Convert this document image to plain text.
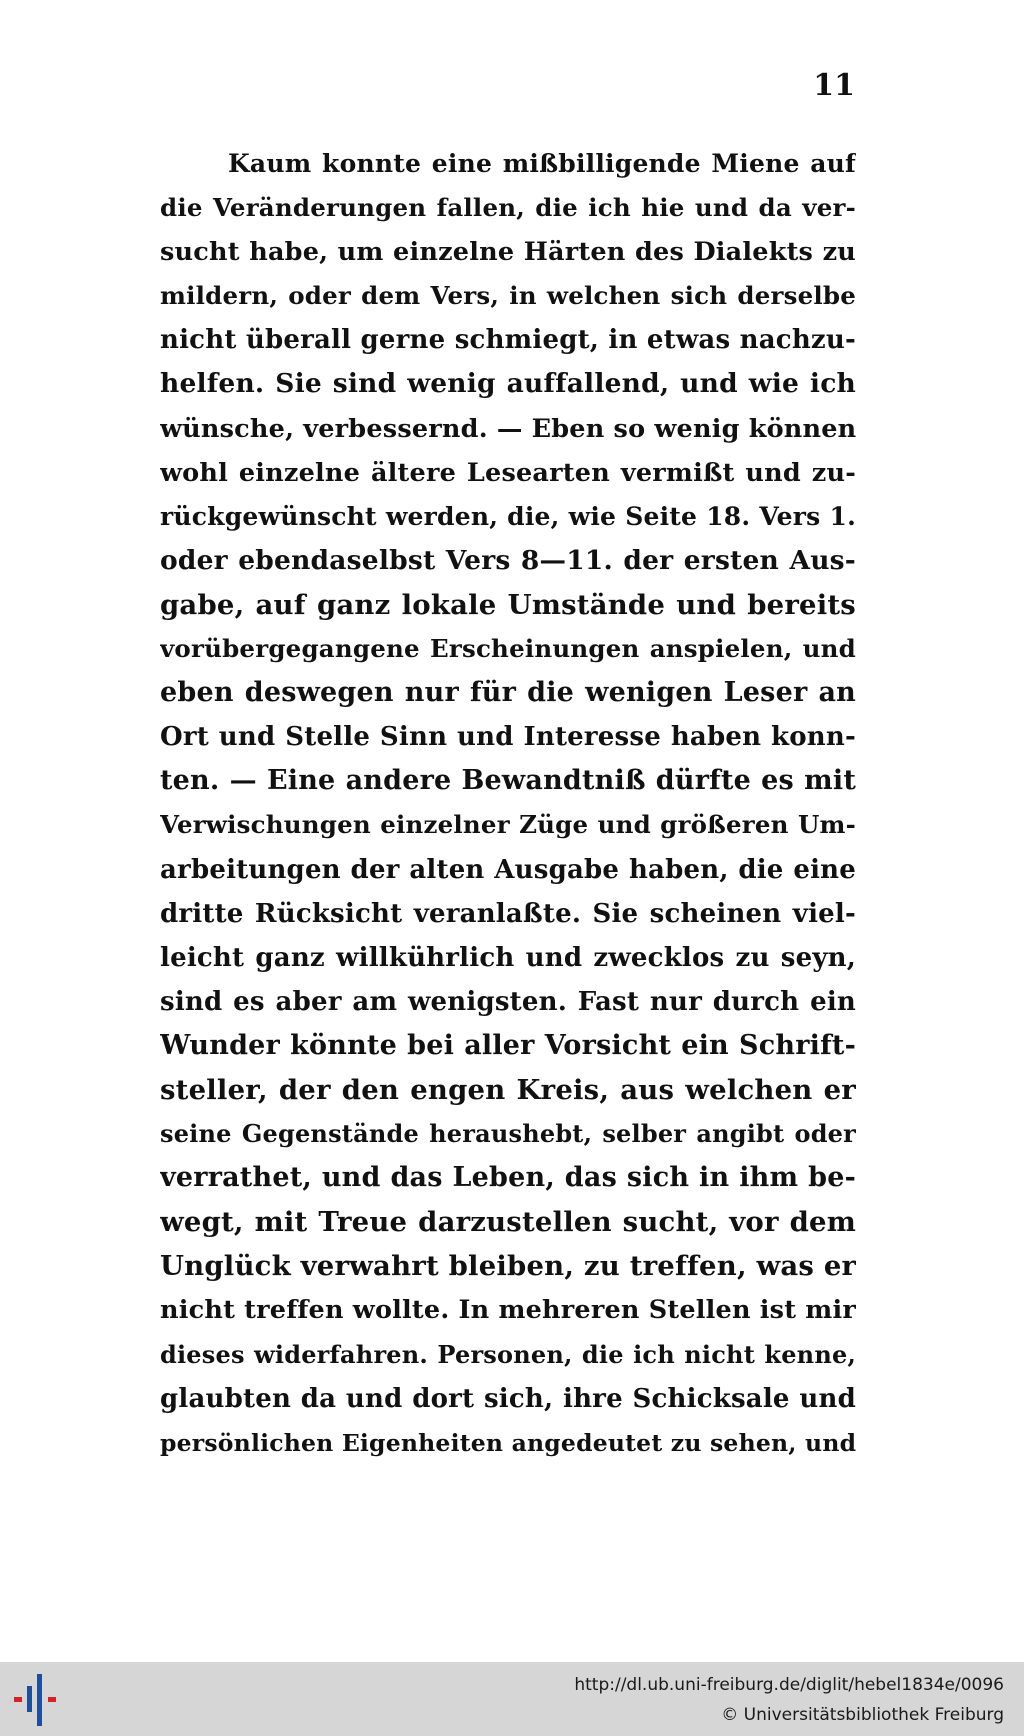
11
Kaum konnte eine mißbilligende Miene auf
die Veränderungen fallen, die ich hie und da ver-
sucht habe, um einzelne Härten des Dialekts zu
mildern, oder dem Vers, in welchen sich derselbe
nicht überall gerne schmiegt, in etwas nachzu-
helfen. Sie sind wenig auffallend, und wie ich
wünsche, verbessernd. — Eben so wenig können
wohl einzelne ältere Lesearten vermißt und zu-
rückgewünscht werden, die, wie Seite 18. Vers 1.
oder ebendaselbst Vers 8—11. der ersten Aus-
gabe, auf ganz lokale Umstände und bereits
vorübergegangene Erscheinungen anspielen, und
eben deswegen nur für die wenigen Leser an
Ort und Stelle Sinn und Interesse haben konn-
ten. — Eine andere Bewandtniß dürfte es mit
Verwischungen einzelner Züge und größeren Um-
arbeitungen der alten Ausgabe haben, die eine
dritte Rücksicht veranlaßte. Sie scheinen viel-
leicht ganz willkührlich und zwecklos zu seyn,
sind es aber am wenigsten. Fast nur durch ein
Wunder könnte bei aller Vorsicht ein Schrift-
steller, der den engen Kreis, aus welchen er
seine Gegenstände heraushebt, selber angibt oder
verrathet, und das Leben, das sich in ihm be-
wegt, mit Treue darzustellen sucht, vor dem
Unglück verwahrt bleiben, zu treffen, was er
nicht treffen wollte. In mehreren Stellen ist mir
dieses widerfahren. Personen, die ich nicht kenne,
glaubten da und dort sich, ihre Schicksale und
persönlichen Eigenheiten angedeutet zu sehen, und
http://dl.ub.uni-freiburg.de/diglit/hebel1834e/0096
© Universitätsbibliothek Freiburg
